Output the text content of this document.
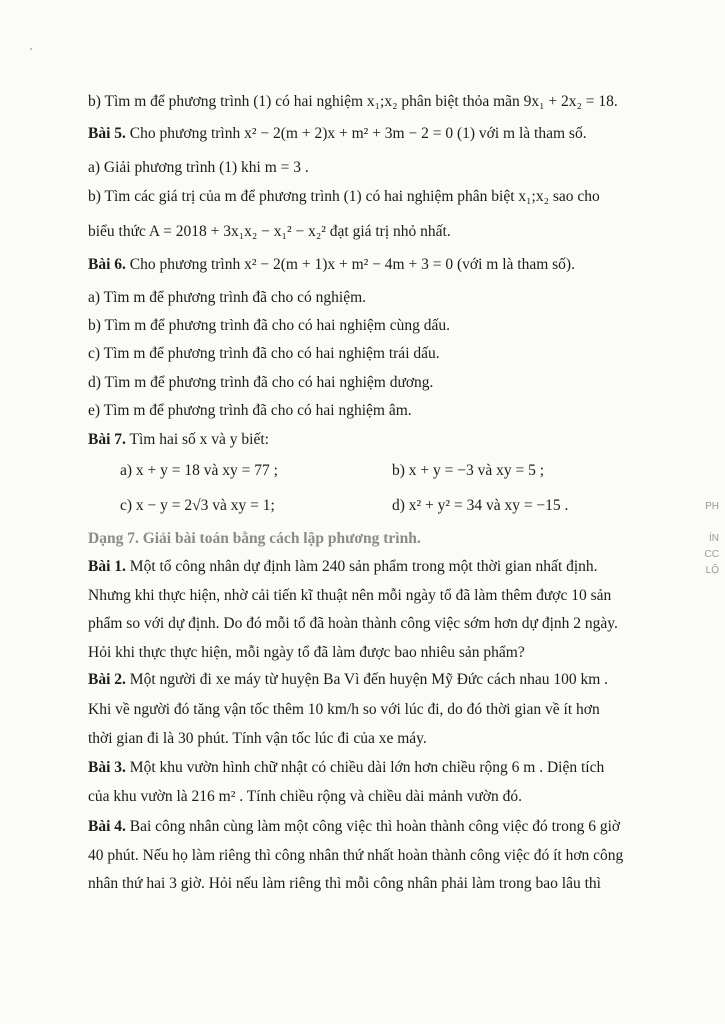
b) Tìm m để phương trình (1) có hai nghiệm x₁;x₂ phân biệt thỏa mãn 9x₁ + 2x₂ = 18.
Bài 5. Cho phương trình x² − 2(m + 2)x + m² + 3m − 2 = 0 (1) với m là tham số.
a) Giải phương trình (1) khi m = 3 .
b) Tìm các giá trị của m để phương trình (1) có hai nghiệm phân biệt x₁;x₂ sao cho
biểu thức A = 2018 + 3x₁x₂ − x₁² − x₂² đạt giá trị nhỏ nhất.
Bài 6. Cho phương trình x² − 2(m + 1)x + m² − 4m + 3 = 0 (với m là tham số).
a) Tìm m để phương trình đã cho có nghiệm.
b) Tìm m để phương trình đã cho có hai nghiệm cùng dấu.
c) Tìm m để phương trình đã cho có hai nghiệm trái dấu.
d) Tìm m để phương trình đã cho có hai nghiệm dương.
e) Tìm m để phương trình đã cho có hai nghiệm âm.
Bài 7. Tìm hai số x và y biết:
a) x + y = 18 và xy = 77 ;	b) x + y = −3 và xy = 5 ;
c) x − y = 2√3 và xy = 1;	d) x² + y² = 34 và xy = −15 .
Dạng 7. Giải bài toán bằng cách lập phương trình.
Bài 1. Một tổ công nhân dự định làm 240 sản phẩm trong một thời gian nhất định.
Nhưng khi thực hiện, nhờ cải tiến kĩ thuật nên mỗi ngày tổ đã làm thêm được 10 sản
phẩm so với dự định. Do đó mỗi tổ đã hoàn thành công việc sớm hơn dự định 2 ngày.
Hỏi khi thực thực hiện, mỗi ngày tổ đã làm được bao nhiêu sản phẩm?
Bài 2. Một người đi xe máy từ huyện Ba Vì đến huyện Mỹ Đức cách nhau 100 km .
Khi về người đó tăng vận tốc thêm 10 km/h so với lúc đi, do đó thời gian về ít hơn
thời gian đi là 30 phút. Tính vận tốc lúc đi của xe máy.
Bài 3. Một khu vườn hình chữ nhật có chiều dài lớn hơn chiều rộng 6 m . Diện tích
của khu vườn là 216 m² . Tính chiều rộng và chiều dài mảnh vườn đó.
Bài 4. Bai công nhân cùng làm một công việc thì hoàn thành công việc đó trong 6 giờ
40 phút. Nếu họ làm riêng thì công nhân thứ nhất hoàn thành công việc đó ít hơn công
nhân thứ hai 3 giờ. Hỏi nếu làm riêng thì mỗi công nhân phải làm trong bao lâu thì
PH
ÍN
CC
LỘ
